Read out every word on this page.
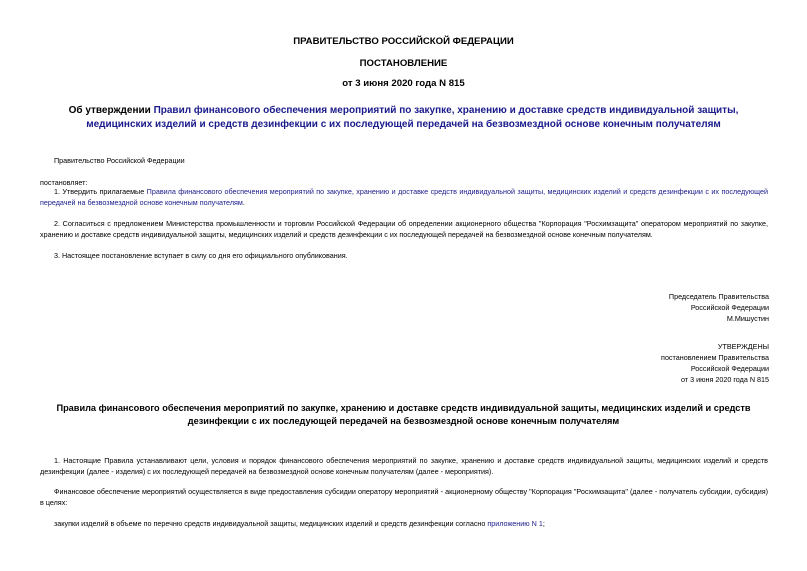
ПРАВИТЕЛЬСТВО РОССИЙСКОЙ ФЕДЕРАЦИИ
ПОСТАНОВЛЕНИЕ
от 3 июня 2020 года N 815
Об утверждении Правил финансового обеспечения мероприятий по закупке, хранению и доставке средств индивидуальной защиты, медицинских изделий и средств дезинфекции с их последующей передачей на безвозмездной основе конечным получателям
Правительство Российской Федерации
постановляет:
1. Утвердить прилагаемые Правила финансового обеспечения мероприятий по закупке, хранению и доставке средств индивидуальной защиты, медицинских изделий и средств дезинфекции с их последующей передачей на безвозмездной основе конечным получателям.
2. Согласиться с предложением Министерства промышленности и торговли Российской Федерации об определении акционерного общества "Корпорация "Росхимзащита" оператором мероприятий по закупке, хранению и доставке средств индивидуальной защиты, медицинских изделий и средств дезинфекции с их последующей передачей на безвозмездной основе конечным получателям.
3. Настоящее постановление вступает в силу со дня его официального опубликования.
Председатель Правительства
Российской Федерации
М.Мишустин
УТВЕРЖДЕНЫ
постановлением Правительства
Российской Федерации
от 3 июня 2020 года N 815
Правила финансового обеспечения мероприятий по закупке, хранению и доставке средств индивидуальной защиты, медицинских изделий и средств дезинфекции с их последующей передачей на безвозмездной основе конечным получателям
1. Настоящие Правила устанавливают цели, условия и порядок финансового обеспечения мероприятий по закупке, хранению и доставке средств индивидуальной защиты, медицинских изделий и средств дезинфекции (далее - изделия) с их последующей передачей на безвозмездной основе конечным получателям (далее - мероприятия).
Финансовое обеспечение мероприятий осуществляется в виде предоставления субсидии оператору мероприятий - акционерному обществу "Корпорация "Росхимзащита" (далее - получатель субсидии, субсидия) в целях:
закупки изделий в объеме по перечню средств индивидуальной защиты, медицинских изделий и средств дезинфекции согласно приложению N 1;
